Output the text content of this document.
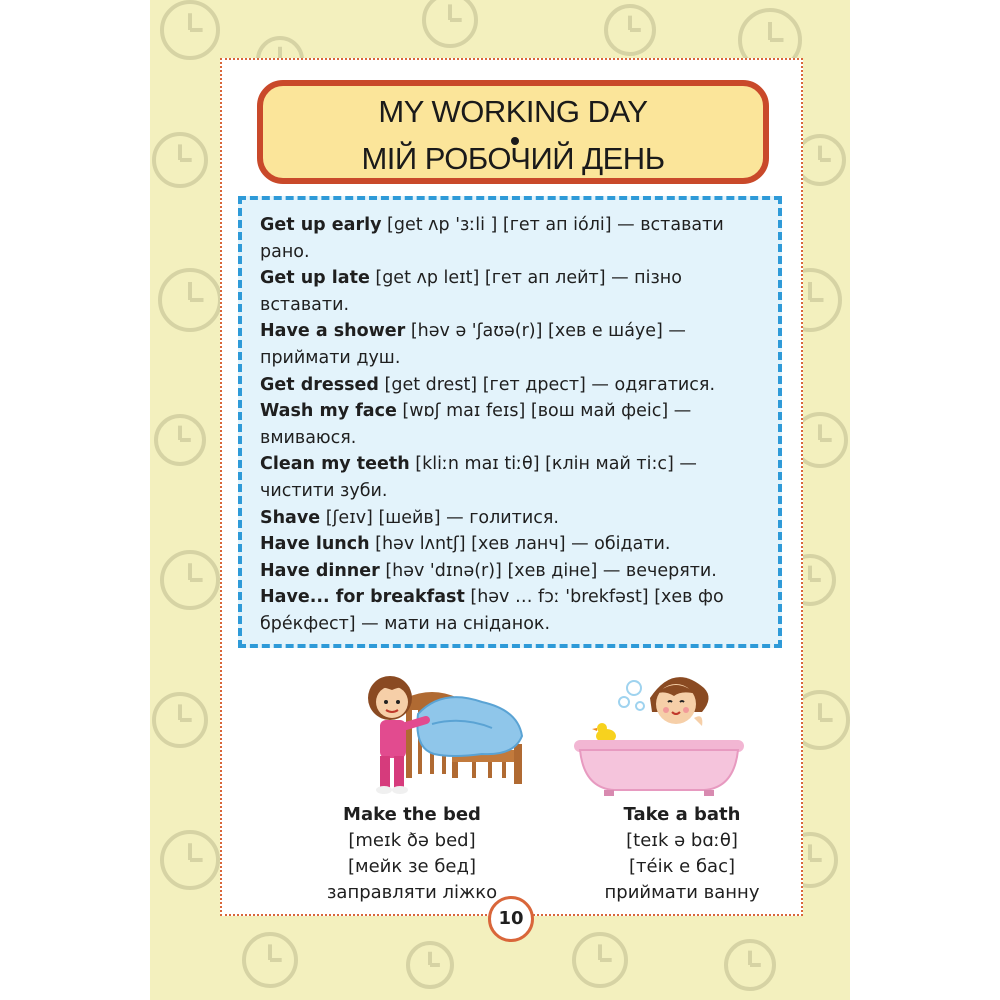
MY WORKING DAY
МІЙ РОБОЧИЙ ДЕНЬ
Get up early [get ʌp 'ɜːli ] [гет ап іóлі] — вставати рано.
Get up late [get ʌp leɪt] [гет ап лейт] — пізно вставати.
Have a shower [həv ə 'ʃaʊə(r)] [хев е шáуе] — приймати душ.
Get dressed [get drest] [гет дрест] — одягатися.
Wash my face [wɒʃ maɪ feɪs] [вош май феіс] — вмиваюся.
Clean my teeth [kliːn maɪ tiːθ] [клін май ті:с] — чистити зуби.
Shave [ʃeɪv] [шейв] — голитися.
Have lunch [həv lʌntʃ] [хев ланч] — обідати.
Have dinner [həv 'dɪnə(r)] [хев діне] — вечеряти.
Have... for breakfast [həv … fɔː 'brekfəst] [хев фо брéкфест] — мати на сніданок.
Make the bed
[meɪk ðə bed]
[мейк зе бед]
заправляти ліжко
Take a bath
[teɪk ə bɑːθ]
[тéік е бас]
приймати ванну
10
